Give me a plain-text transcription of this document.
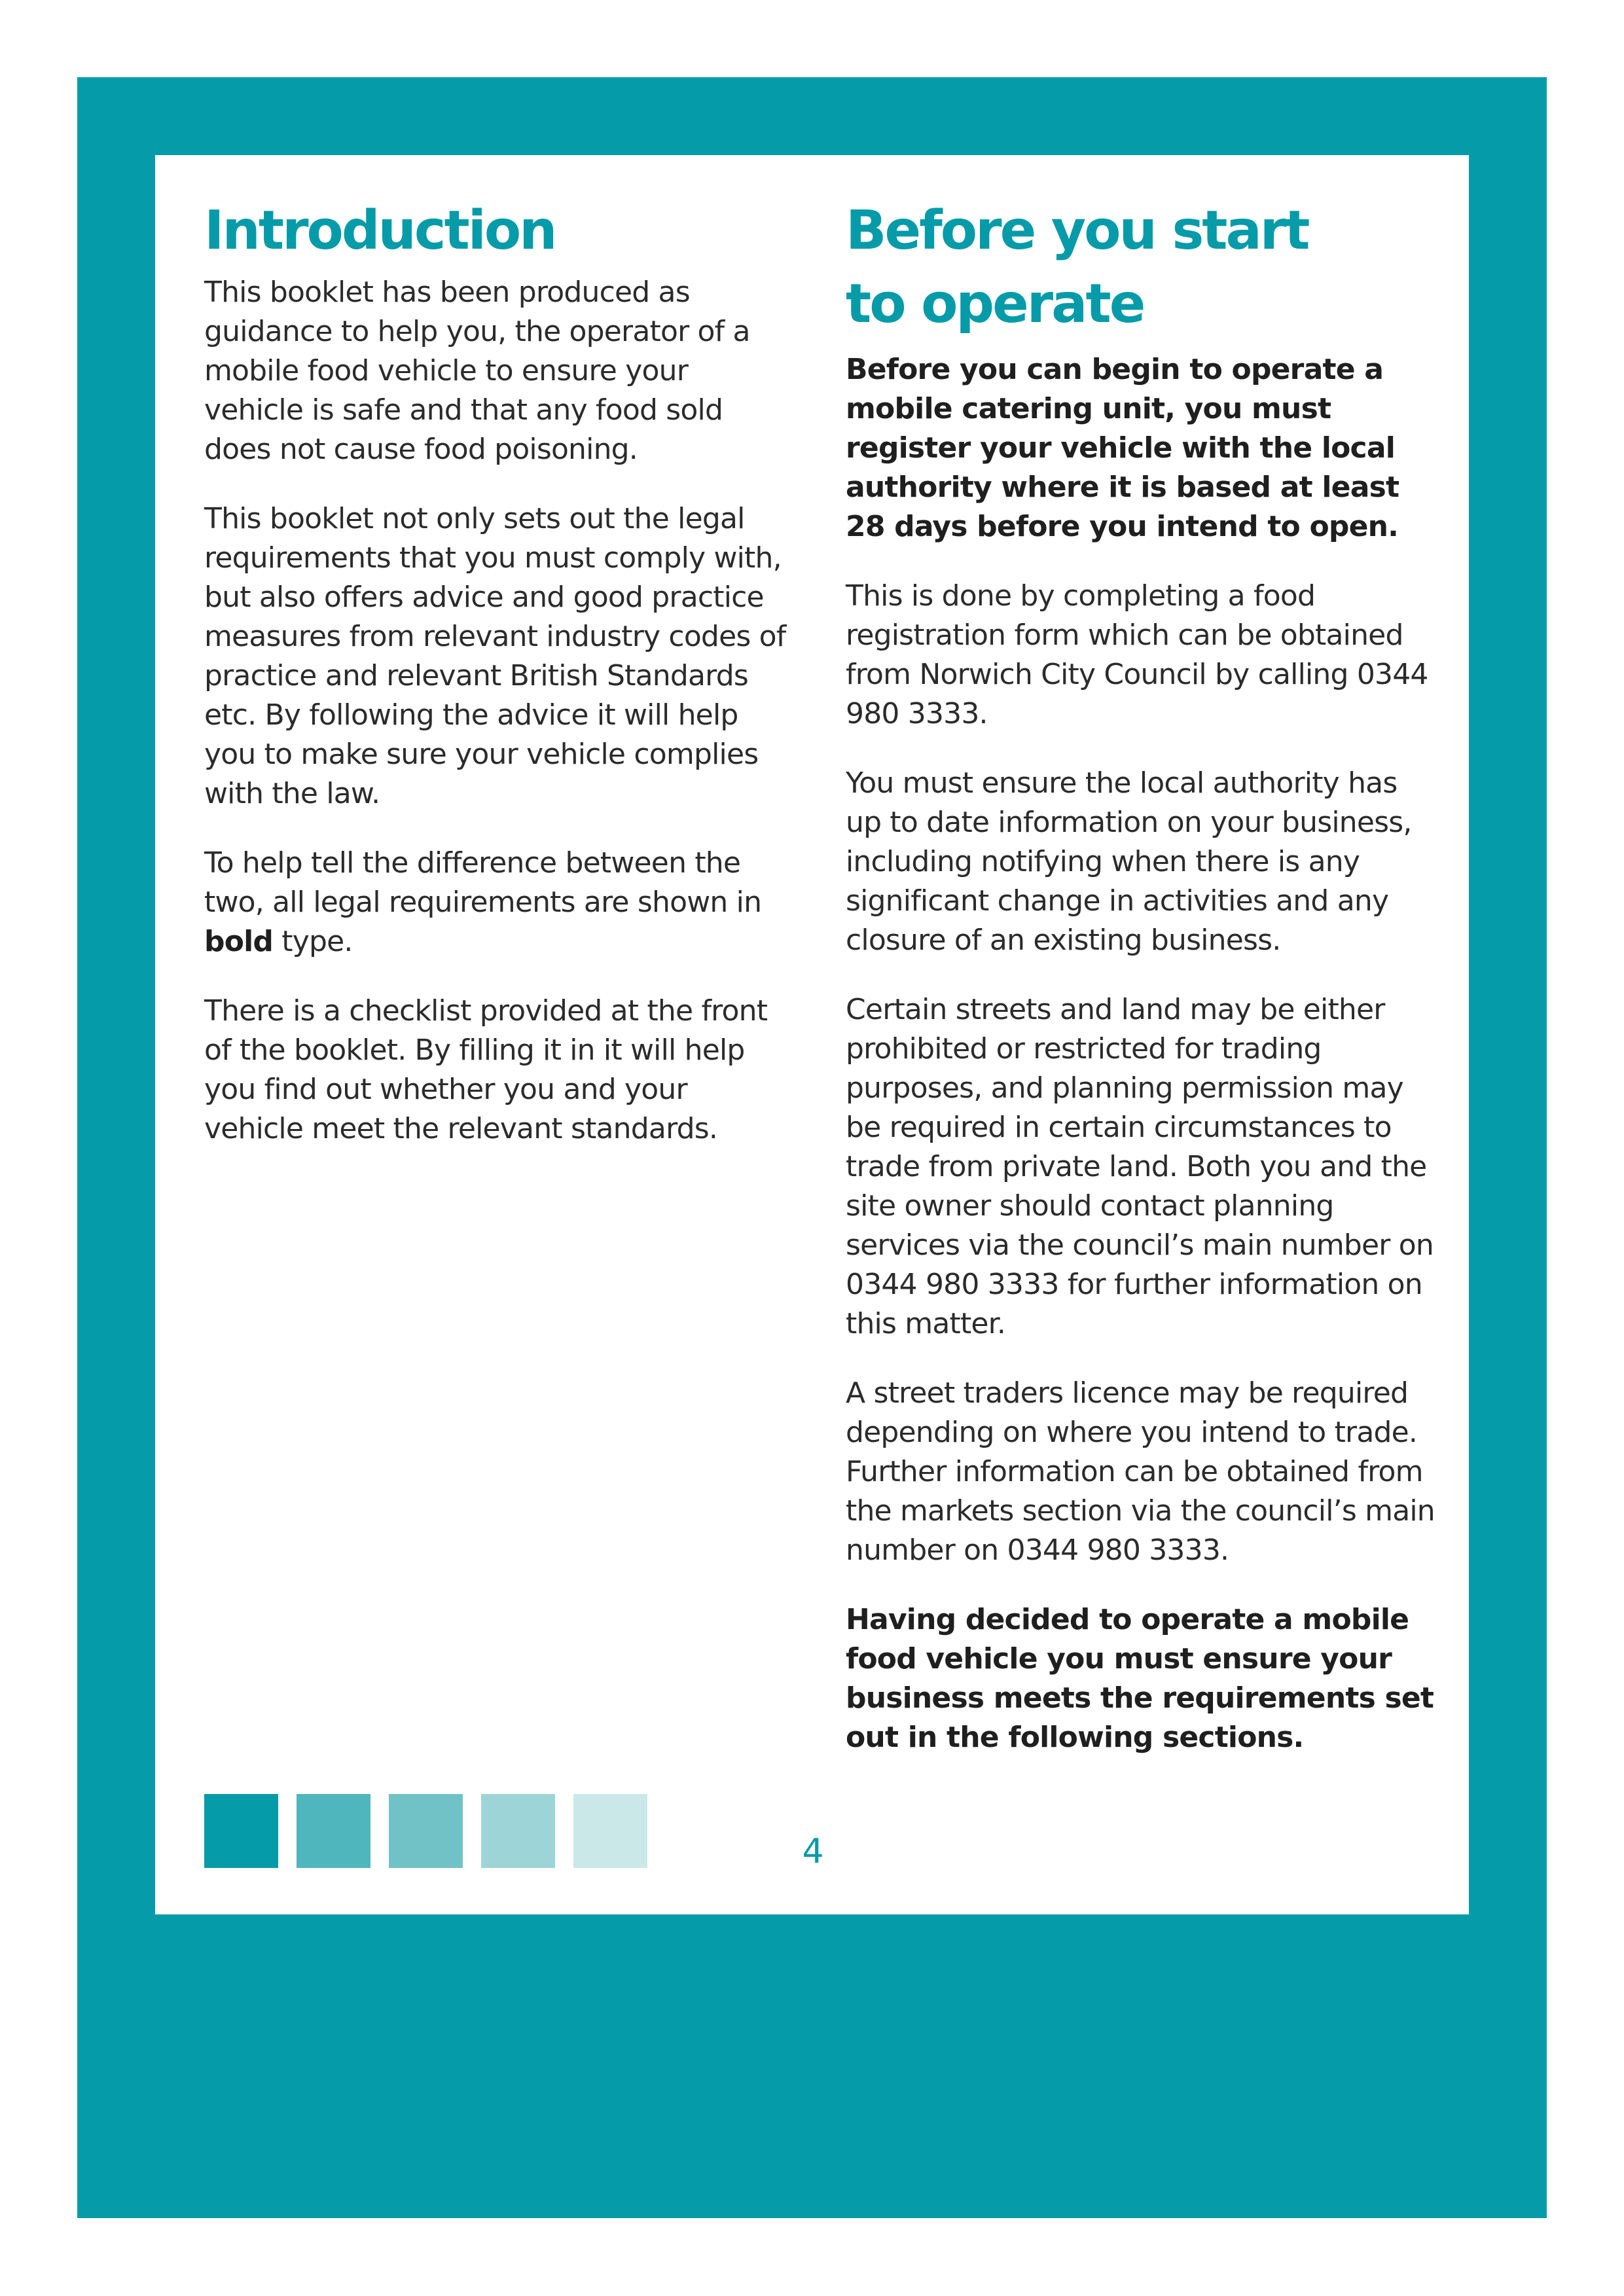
Introduction

This booklet has been produced as guidance to help you, the operator of a mobile food vehicle to ensure your vehicle is safe and that any food sold does not cause food poisoning.

This booklet not only sets out the legal requirements that you must comply with, but also offers advice and good practice measures from relevant industry codes of practice and relevant British Standards etc. By following the advice it will help you to make sure your vehicle complies with the law.

To help tell the difference between the two, all legal requirements are shown in bold type.

There is a checklist provided at the front of the booklet. By filling it in it will help you find out whether you and your vehicle meet the relevant standards.

Before you start
to operate

Before you can begin to operate a mobile catering unit, you must register your vehicle with the local authority where it is based at least 28 days before you intend to open.

This is done by completing a food registration form which can be obtained from Norwich City Council by calling 0344 980 3333.

You must ensure the local authority has up to date information on your business, including notifying when there is any significant change in activities and any closure of an existing business.

Certain streets and land may be either prohibited or restricted for trading purposes, and planning permission may be required in certain circumstances to trade from private land. Both you and the site owner should contact planning services via the council’s main number on 0344 980 3333 for further information on this matter.

A street traders licence may be required depending on where you intend to trade. Further information can be obtained from the markets section via the council’s main number on 0344 980 3333.

Having decided to operate a mobile food vehicle you must ensure your business meets the requirements set out in the following sections.

4
